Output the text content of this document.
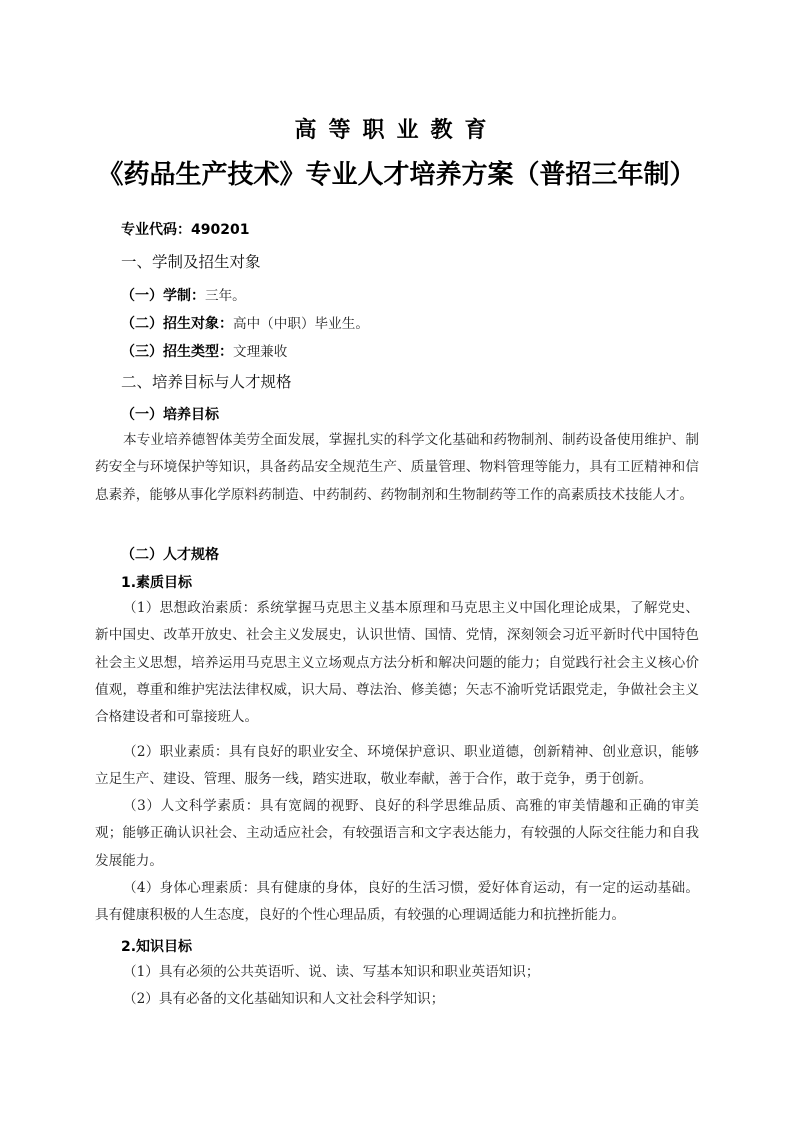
高等职业教育
《药品生产技术》专业人才培养方案（普招三年制）
专业代码：490201
一、学制及招生对象
（一）学制：三年。
（二）招生对象：高中（中职）毕业生。
（三）招生类型：文理兼收
二、培养目标与人才规格
（一）培养目标
本专业培养德智体美劳全面发展，掌握扎实的科学文化基础和药物制剂、制药设备使用维护、制药安全与环境保护等知识，具备药品安全规范生产、质量管理、物料管理等能力，具有工匠精神和信息素养，能够从事化学原料药制造、中药制药、药物制剂和生物制药等工作的高素质技术技能人才。
（二）人才规格
1.素质目标
（1）思想政治素质：系统掌握马克思主义基本原理和马克思主义中国化理论成果，了解党史、新中国史、改革开放史、社会主义发展史，认识世情、国情、党情，深刻领会习近平新时代中国特色社会主义思想，培养运用马克思主义立场观点方法分析和解决问题的能力；自觉践行社会主义核心价值观，尊重和维护宪法法律权威，识大局、尊法治、修美德；矢志不渝听党话跟党走，争做社会主义合格建设者和可靠接班人。
（2）职业素质：具有良好的职业安全、环境保护意识、职业道德，创新精神、创业意识，能够立足生产、建设、管理、服务一线，踏实进取，敬业奉献，善于合作，敢于竞争，勇于创新。
（3）人文科学素质：具有宽阔的视野、良好的科学思维品质、高雅的审美情趣和正确的审美观；能够正确认识社会、主动适应社会，有较强语言和文字表达能力，有较强的人际交往能力和自我发展能力。
（4）身体心理素质：具有健康的身体，良好的生活习惯，爱好体育运动，有一定的运动基础。具有健康积极的人生态度，良好的个性心理品质，有较强的心理调适能力和抗挫折能力。
2.知识目标
（1）具有必须的公共英语听、说、读、写基本知识和职业英语知识；
（2）具有必备的文化基础知识和人文社会科学知识；
